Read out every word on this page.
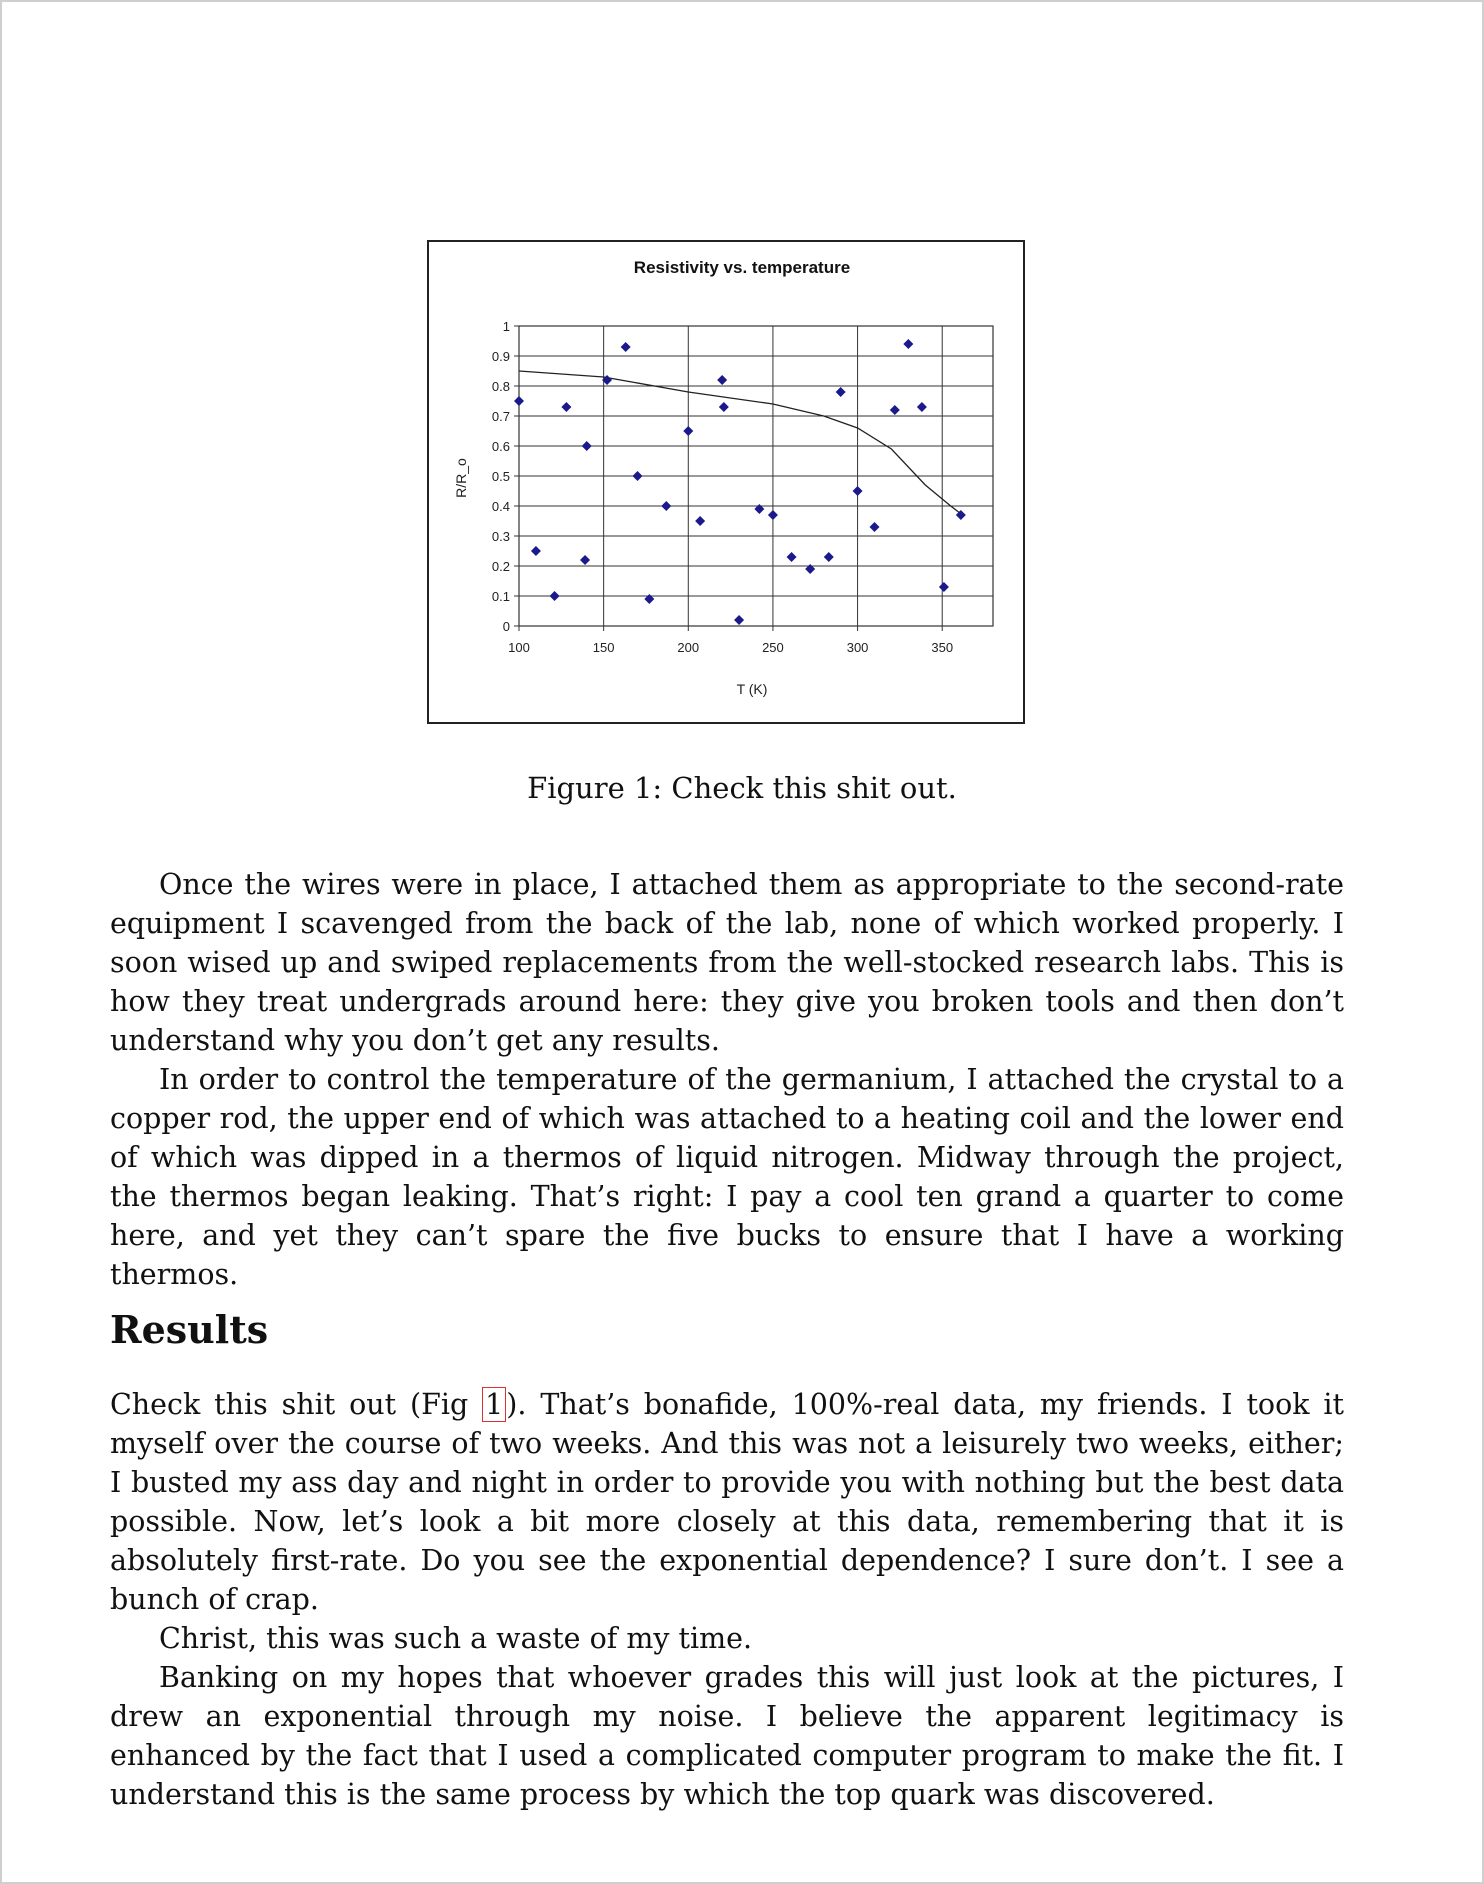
Resistivity vs. temperature
T (K)
R/R_o
0
0.1
0.2
0.3
0.4
0.5
0.6
0.7
0.8
0.9
1
100	150	200	250	300	350
Figure 1: Check this shit out.

Once the wires were in place, I attached them as appropriate to the second-rate equipment I scavenged from the back of the lab, none of which worked properly. I soon wised up and swiped replacements from the well-stocked research labs. This is how they treat undergrads around here: they give you broken tools and then don’t understand why you don’t get any results.

In order to control the temperature of the germanium, I attached the crystal to a copper rod, the upper end of which was attached to a heating coil and the lower end of which was dipped in a thermos of liquid nitrogen. Midway through the project, the thermos began leaking. That’s right: I pay a cool ten grand a quarter to come here, and yet they can’t spare the five bucks to ensure that I have a working thermos.

Results

Check this shit out (Fig 1 ). That’s bonafide, 100%-real data, my friends. I took it myself over the course of two weeks. And this was not a leisurely two weeks, either; I busted my ass day and night in order to provide you with nothing but the best data possible. Now, let’s look a bit more closely at this data, remembering that it is absolutely first-rate. Do you see the exponential dependence? I sure don’t. I see a bunch of crap.

Christ, this was such a waste of my time.

Banking on my hopes that whoever grades this will just look at the pictures, I drew an exponential through my noise. I believe the apparent legitimacy is enhanced by the fact that I used a complicated computer program to make the fit. I understand this is the same process by which the top quark was discovered.
